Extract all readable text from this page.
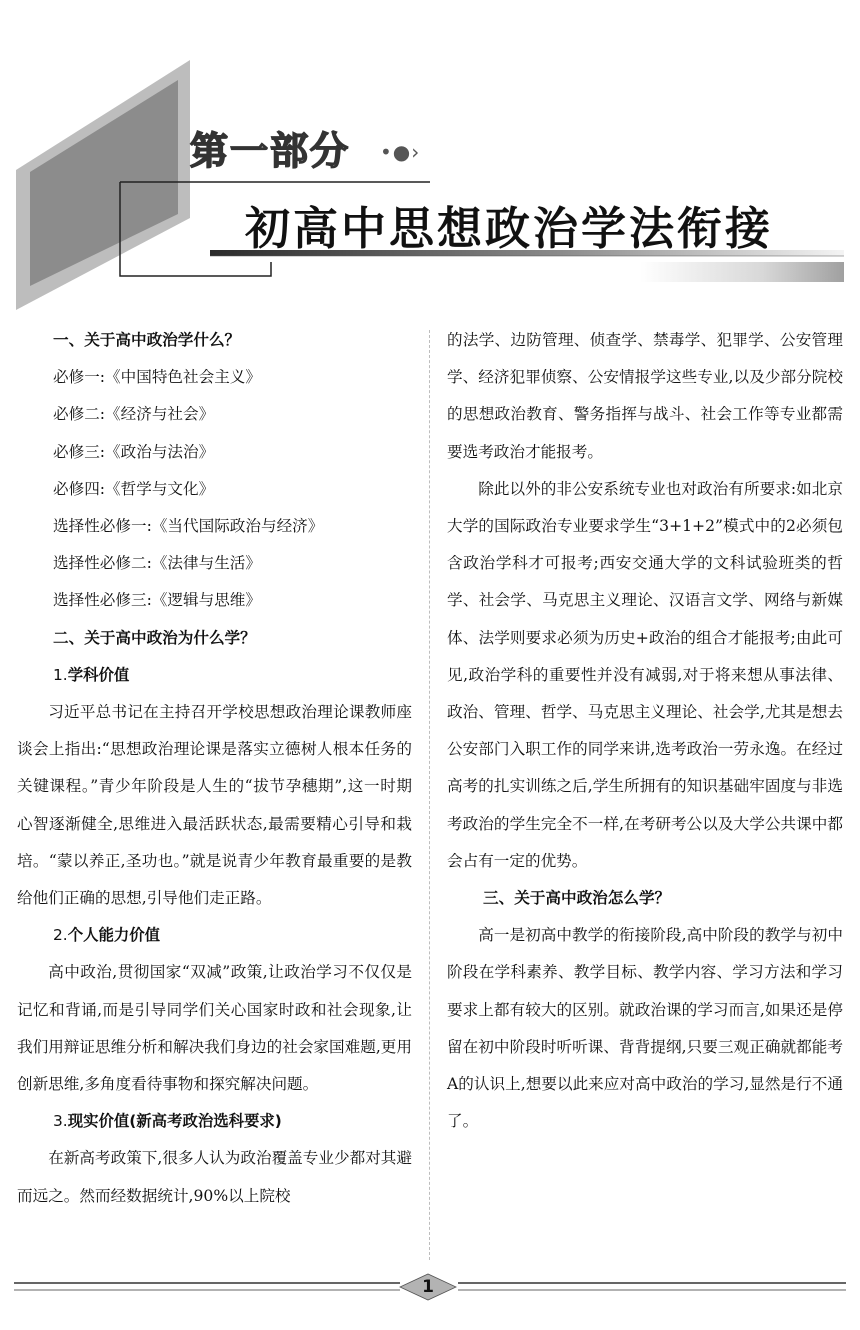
第一部分 •●›
初高中思想政治学法衔接

一、关于高中政治学什么？

必修一:《中国特色社会主义》

必修二:《经济与社会》

必修三:《政治与法治》

必修四:《哲学与文化》

选择性必修一:《当代国际政治与经济》

选择性必修二:《法律与生活》

选择性必修三:《逻辑与思维》

二、关于高中政治为什么学？

1.学科价值

习近平总书记在主持召开学校思想政治理论课教师座谈会上指出:“思想政治理论课是落实立德树人根本任务的关键课程。”青少年阶段是人生的“拔节孕穗期”,这一时期心智逐渐健全,思维进入最活跃状态,最需要精心引导和栽培。“蒙以养正,圣功也。”就是说青少年教育最重要的是教给他们正确的思想,引导他们走正路。

2.个人能力价值

高中政治,贯彻国家“双减”政策,让政治学习不仅仅是记忆和背诵,而是引导同学们关心国家时政和社会现象,让我们用辩证思维分析和解决我们身边的社会家国难题,更用创新思维,多角度看待事物和探究解决问题。

3.现实价值(新高考政治选科要求)

在新高考政策下,很多人认为政治覆盖专业少都对其避而远之。然而经数据统计,90%以上院校

的法学、边防管理、侦查学、禁毒学、犯罪学、公安管理学、经济犯罪侦察、公安情报学这些专业,以及少部分院校的思想政治教育、警务指挥与战斗、社会工作等专业都需要选考政治才能报考。

除此以外的非公安系统专业也对政治有所要求:如北京大学的国际政治专业要求学生“3+1+2”模式中的2必须包含政治学科才可报考;西安交通大学的文科试验班类的哲学、社会学、马克思主义理论、汉语言文学、网络与新媒体、法学则要求必须为历史+政治的组合才能报考;由此可见,政治学科的重要性并没有减弱,对于将来想从事法律、政治、管理、哲学、马克思主义理论、社会学,尤其是想去公安部门入职工作的同学来讲,选考政治一劳永逸。在经过高考的扎实训练之后,学生所拥有的知识基础牢固度与非选考政治的学生完全不一样,在考研考公以及大学公共课中都会占有一定的优势。

三、关于高中政治怎么学？

高一是初高中教学的衔接阶段,高中阶段的教学与初中阶段在学科素养、教学目标、教学内容、学习方法和学习要求上都有较大的区别。就政治课的学习而言,如果还是停留在初中阶段时听听课、背背提纲,只要三观正确就都能考A的认识上,想要以此来应对高中政治的学习,显然是行不通了。

1
